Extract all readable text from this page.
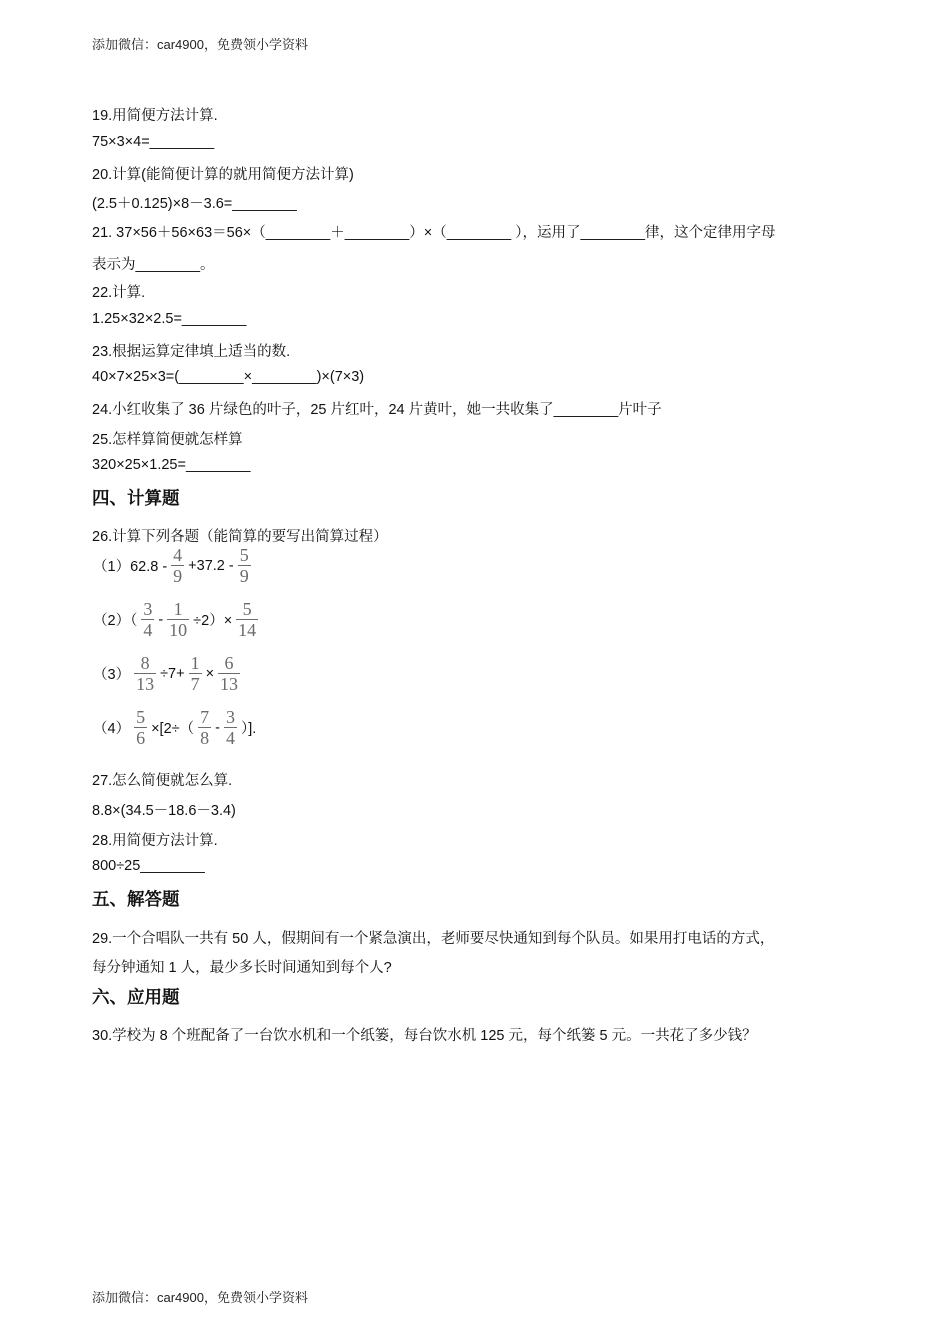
添加微信：car4900，免费领小学资料
19.用简便方法计算.
75×3×4=________
20.计算(能简便计算的就用简便方法计算)
(2.5＋0.125)×8－3.6=________
21. 37×56＋56×63＝56×（________＋________）×（________ ），运用了________律，这个定律用字母
表示为________。
22.计算.
1.25×32×2.5=________
23.根据运算定律填上适当的数.
40×7×25×3=(________×________)×(7×3)
24.小红收集了 36 片绿色的叶子，25 片红叶，24 片黄叶，她一共收集了________片叶子
25.怎样算简便就怎样算
320×25×1.25=________
四、计算题
26.计算下列各题（能简算的要写出简算过程）
$(1)62.8 - \frac{4}{9} +37.2 - \frac{5}{9}$
$(2)( \frac{3}{4} - \frac{1}{10} \div 2)\times \frac{5}{14}$
$(3) \frac{8}{13} \div 7+ \frac{1}{7} \times \frac{6}{13}$
$(4) \frac{5}{6} \times[2\div( \frac{7}{8} - \frac{3}{4}$ ）].
27.怎么简便就怎么算.
8.8×(34.5－18.6－3.4)
28.用简便方法计算.
800÷25________
五、解答题
29.一个合唱队一共有 50 人，假期间有一个紧急演出，老师要尽快通知到每个队员。如果用打电话的方式，
每分钟通知 1 人，最少多长时间通知到每个人?
六、应用题
30.学校为 8 个班配备了一台饮水机和一个纸篓，每台饮水机 125 元，每个纸篓 5 元。一共花了多少钱？
添加微信：car4900，免费领小学资料
